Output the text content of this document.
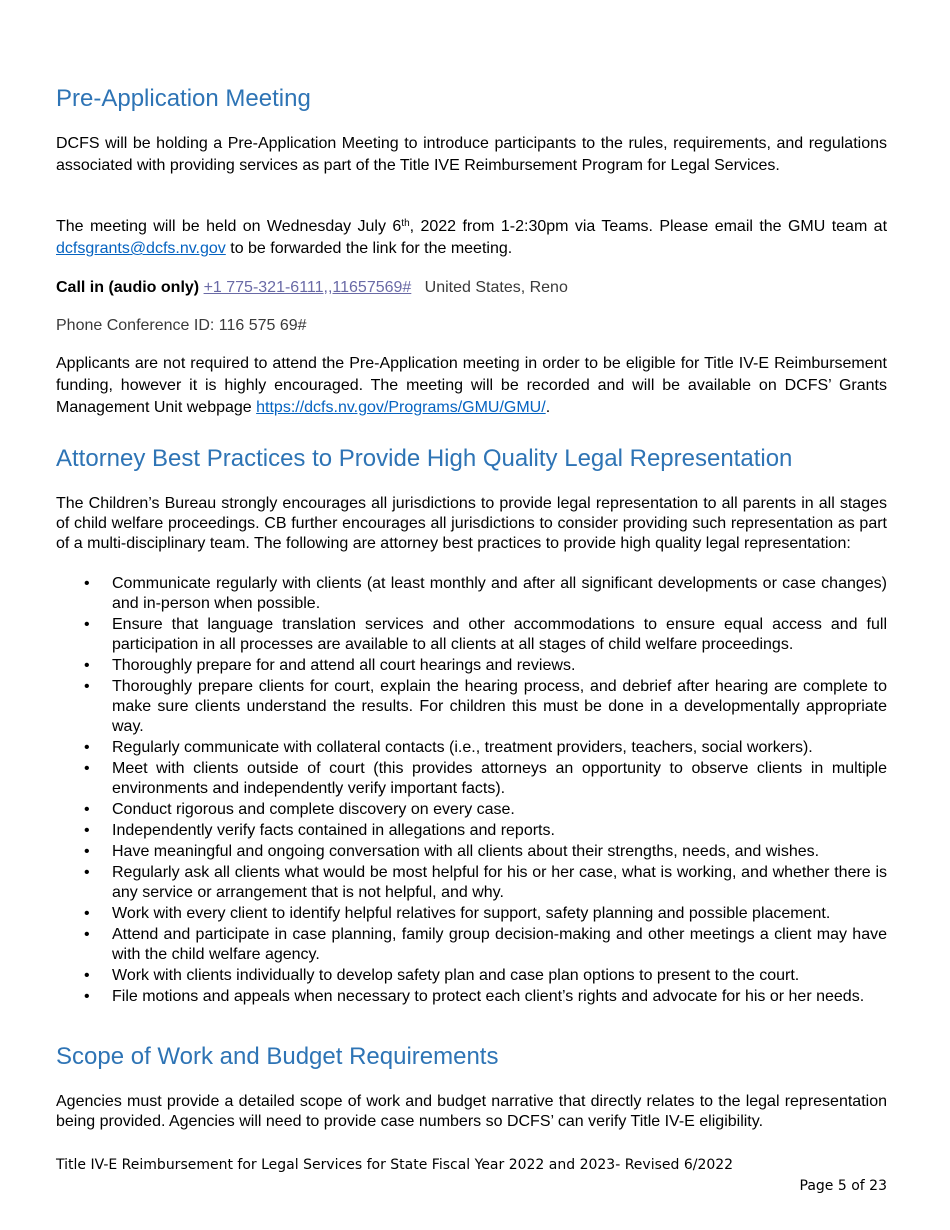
Pre-Application Meeting

DCFS will be holding a Pre-Application Meeting to introduce participants to the rules, requirements, and regulations associated with providing services as part of the Title IVE Reimbursement Program for Legal Services.

The meeting will be held on Wednesday July 6th, 2022 from 1-2:30pm via Teams. Please email the GMU team at dcfsgrants@dcfs.nv.gov to be forwarded the link for the meeting.

Call in (audio only) +1 775-321-6111,,11657569# United States, Reno

Phone Conference ID: 116 575 69#

Applicants are not required to attend the Pre-Application meeting in order to be eligible for Title IV-E Reimbursement funding, however it is highly encouraged. The meeting will be recorded and will be available on DCFS’ Grants Management Unit webpage https://dcfs.nv.gov/Programs/GMU/GMU/.

Attorney Best Practices to Provide High Quality Legal Representation

The Children’s Bureau strongly encourages all jurisdictions to provide legal representation to all parents in all stages of child welfare proceedings. CB further encourages all jurisdictions to consider providing such representation as part of a multi-disciplinary team. The following are attorney best practices to provide high quality legal representation:

• Communicate regularly with clients (at least monthly and after all significant developments or case changes) and in-person when possible.
• Ensure that language translation services and other accommodations to ensure equal access and full participation in all processes are available to all clients at all stages of child welfare proceedings.
• Thoroughly prepare for and attend all court hearings and reviews.
• Thoroughly prepare clients for court, explain the hearing process, and debrief after hearing are complete to make sure clients understand the results. For children this must be done in a developmentally appropriate way.
• Regularly communicate with collateral contacts (i.e., treatment providers, teachers, social workers).
• Meet with clients outside of court (this provides attorneys an opportunity to observe clients in multiple environments and independently verify important facts).
• Conduct rigorous and complete discovery on every case.
• Independently verify facts contained in allegations and reports.
• Have meaningful and ongoing conversation with all clients about their strengths, needs, and wishes.
• Regularly ask all clients what would be most helpful for his or her case, what is working, and whether there is any service or arrangement that is not helpful, and why.
• Work with every client to identify helpful relatives for support, safety planning and possible placement.
• Attend and participate in case planning, family group decision-making and other meetings a client may have with the child welfare agency.
• Work with clients individually to develop safety plan and case plan options to present to the court.
• File motions and appeals when necessary to protect each client’s rights and advocate for his or her needs.
Scope of Work and Budget Requirements

Agencies must provide a detailed scope of work and budget narrative that directly relates to the legal representation being provided. Agencies will need to provide case numbers so DCFS’ can verify Title IV-E eligibility.

Title IV-E Reimbursement for Legal Services for State Fiscal Year 2022 and 2023- Revised 6/2022
Page 5 of 23
